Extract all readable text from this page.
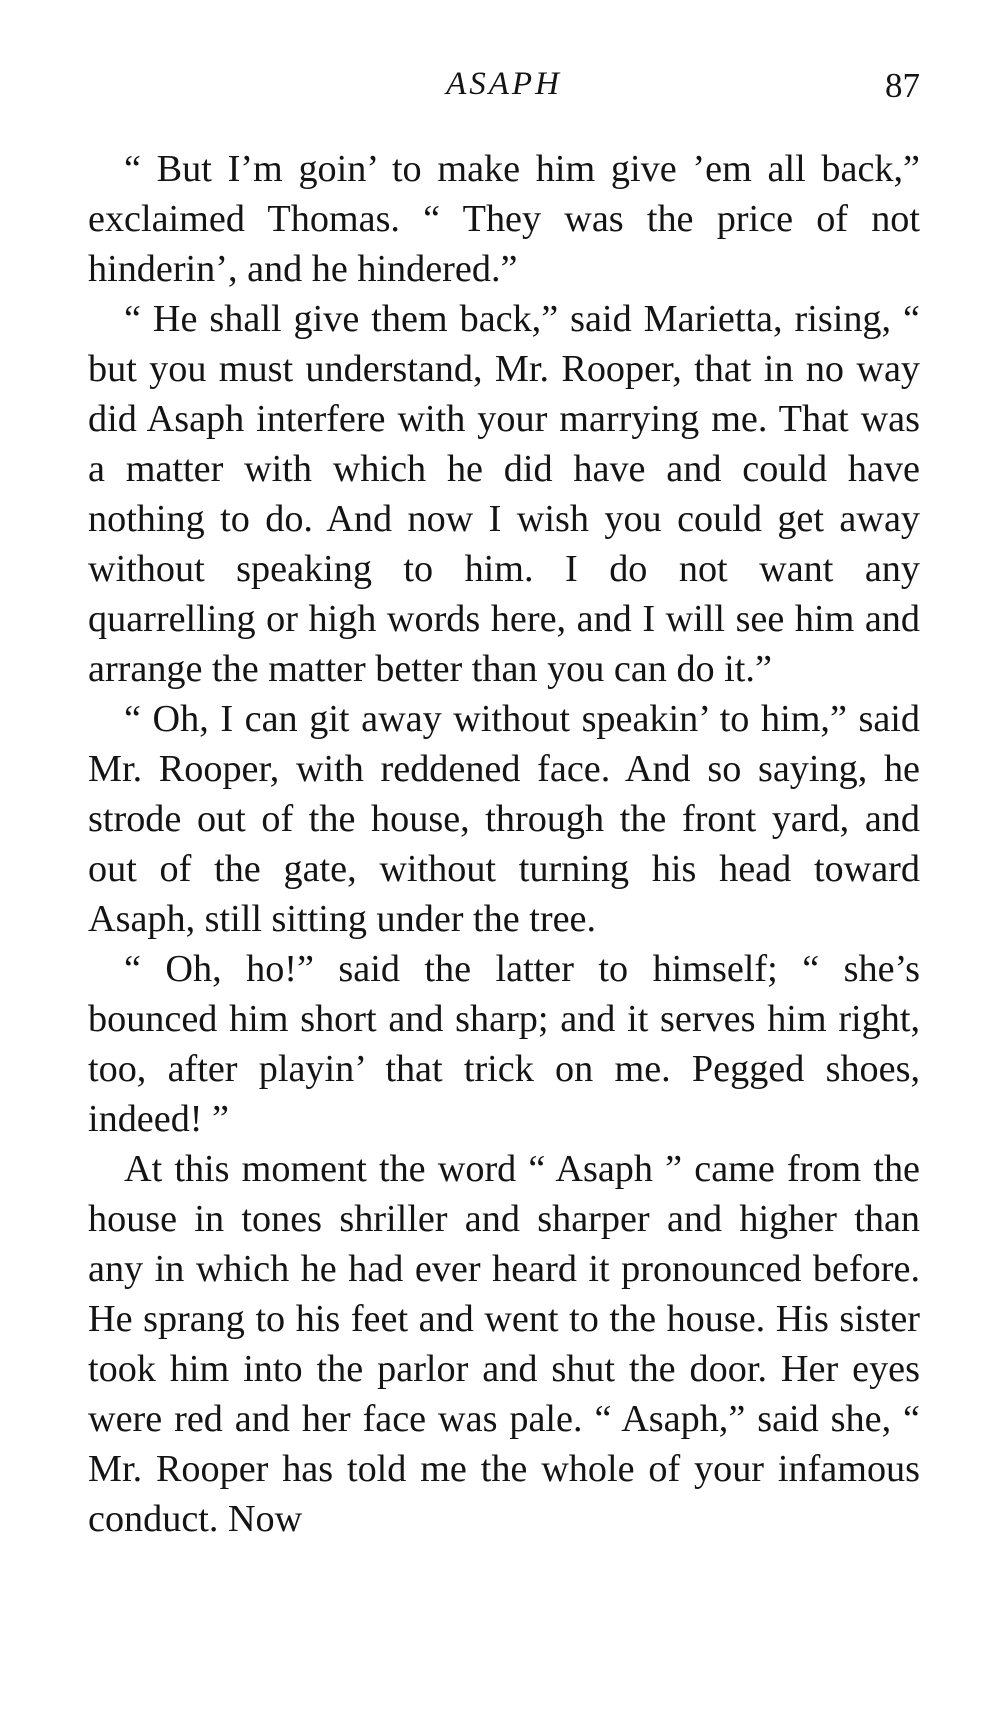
ASAPH	87

“ But I’m goin’ to make him give ’em all back,” exclaimed Thomas. “ They was the price of not hinderin’, and he hindered.”

“ He shall give them back,” said Marietta, rising, “ but you must understand, Mr. Rooper, that in no way did Asaph interfere with your marrying me. That was a matter with which he did have and could have nothing to do. And now I wish you could get away without speaking to him. I do not want any quarrelling or high words here, and I will see him and arrange the matter better than you can do it.”

“ Oh, I can git away without speakin’ to him,” said Mr. Rooper, with reddened face. And so saying, he strode out of the house, through the front yard, and out of the gate, without turning his head toward Asaph, still sitting under the tree.

“ Oh, ho!” said the latter to himself; “ she’s bounced him short and sharp; and it serves him right, too, after playin’ that trick on me. Pegged shoes, indeed! ”

At this moment the word “ Asaph ” came from the house in tones shriller and sharper and higher than any in which he had ever heard it pronounced before. He sprang to his feet and went to the house. His sister took him into the parlor and shut the door. Her eyes were red and her face was pale. “ Asaph,” said she, “ Mr. Rooper has told me the whole of your infamous conduct. Now
